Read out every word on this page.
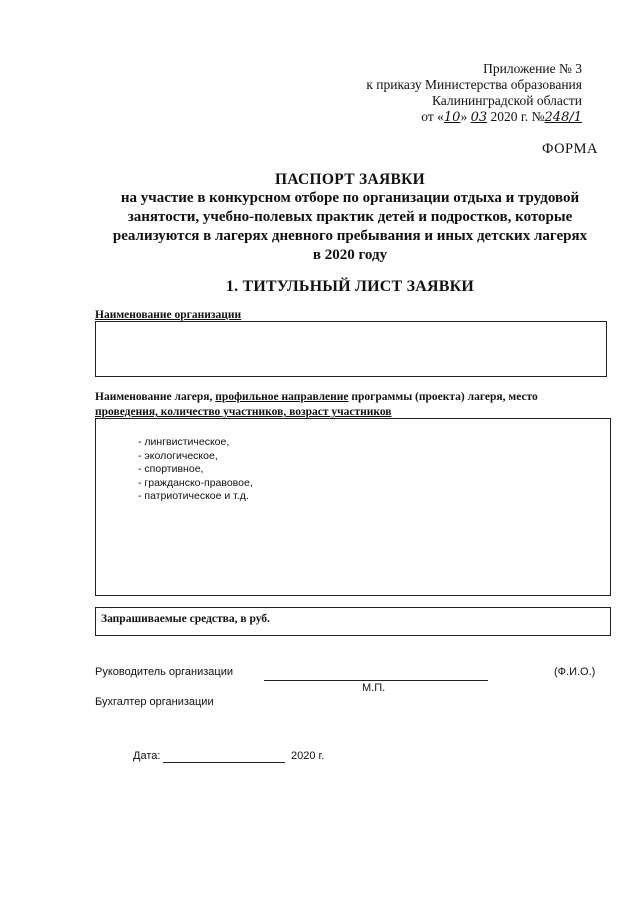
Приложение № 3
к приказу Министерства образования
Калининградской области
от «10» 03 2020 г. №248/1
ФОРМА
ПАСПОРТ ЗАЯВКИ
на участие в конкурсном отборе по организации отдыха и трудовой
занятости, учебно-полевых практик детей и подростков, которые
реализуются в лагерях дневного пребывания и иных детских лагерях
в 2020 году
1. ТИТУЛЬНЫЙ ЛИСТ ЗАЯВКИ
Наименование организации
Наименование лагеря, профильное направление программы (проекта) лагеря, место
проведения, количество участников, возраст участников
- лингвистическое,
- экологическое,
- спортивное,
- гражданско-правовое,
- патриотическое и т.д.
Запрашиваемые средства, в руб.
Руководитель организации	(Ф.И.О.)
М.П.
Бухгалтер организации
Дата:	2020 г.
